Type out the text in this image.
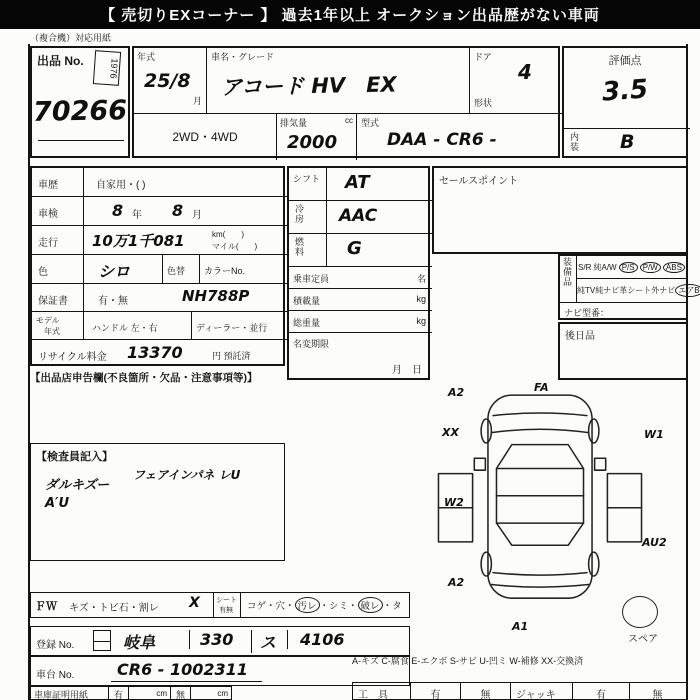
【 売切りEXコーナー 】 過去1年以上 オークション出品歴がない車両
（複合機）対応用紙
出品 No.	1976
70266
年式
25/8
月
車名・グレード
アコード HV　EX
ドア
4
形状
2WD・4WD
排気量	cc
2000
型式
DAA - CR6 -
評価点
3.5
内装 B
車歴	自家用・( )
車検	8 年 8 月
走行	10万1千081	km(　　)
マイル(　　)
色	シロ	色替	カラーNo.
保証書	有・無	NH788P
モデル
年式	ハンドル 左・右	ディーラー・並行
リサイクル料金 13370	円 預託済
【出品店申告欄(不良箇所・欠品・注意事項等)】
シフト	AT
冷房	AAC
燃料	G
乗車定員	名
積載量	kg
総重量	kg
名変期限
月　日
セールスポイント
装備品
S/R 純A/W P/S	P/W	ABS
純TV 純ナビ 革シート 外ナビ エアB
ナビ型番：
後日品
【検査員記入】
ダルキズー
フェアインパネ レU
A′U
A2	FA
XX	W1
W2
AU2
A2
A1
スペア
ＦＷ キズ・トビ石・割レ X シート
有無 コゲ・穴・ 汚レ ・シミ・ 破レ ・タ
登録 No.	岐阜	330	ス	4106
車台 No.	CR6 - 1002311	A-キズ C-腐食 E-エクボ S-サビ U-凹ミ W-補修 XX-交換済
車庫証明用紙	有	cm 無	cm	工　具	有	無	ジャッキ	有	無
